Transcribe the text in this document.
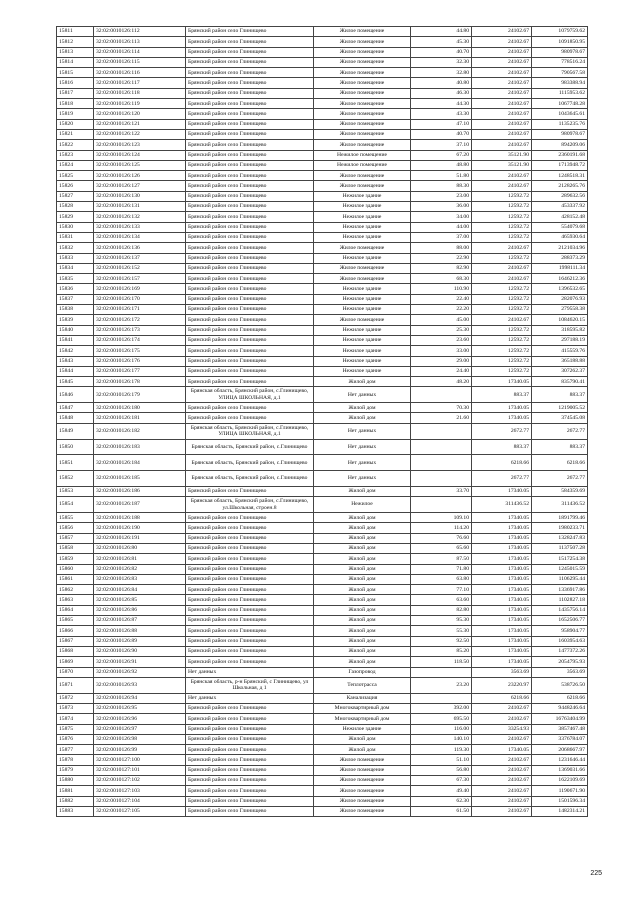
15811	32:02:0010126:112	Брянский район село Глинищево	Жилое помещение	44.80	24102.67	1079759.62
15812	32:02:0010126:113	Брянский район село Глинищево	Жилое помещение	45.30	24102.67	1091850.95
15813	32:02:0010126:114	Брянский район село Глинищево	Жилое помещение	40.70	24102.67	980978.67
15814	32:02:0010126:115	Брянский район село Глинищево	Жилое помещение	32.30	24102.67	778516.24
15815	32:02:0010126:116	Брянский район село Глинищево	Жилое помещение	32.80	24102.67	790567.58
15816	32:02:0010126:117	Брянский район село Глинищево	Жилое помещение	40.80	24102.67	983388.94
15817	32:02:0010126:118	Брянский район село Глинищево	Жилое помещение	46.30	24102.67	1115953.62
15818	32:02:0010126:119	Брянский район село Глинищево	Жилое помещение	44.30	24102.67	1067748.28
15819	32:02:0010126:120	Брянский район село Глинищево	Жилое помещение	43.30	24102.67	1043645.61
15820	32:02:0010126:121	Брянский район село Глинищево	Жилое помещение	47.10	24102.67	1135235.76
15821	32:02:0010126:122	Брянский район село Глинищево	Жилое помещение	40.70	24102.67	980978.67
15822	32:02:0010126:123	Брянский район село Глинищево	Жилое помещение	37.10	24102.67	894209.06
15823	32:02:0010126:124	Брянский район село Глинищево	Нежилое помещение	67.20	35121.90	2360191.68
15824	32:02:0010126:125	Брянский район село Глинищево	Нежилое помещение	48.80	35121.90	1713948.72
15825	32:02:0010126:126	Брянский район село Глинищево	Жилое помещение	51.80	24102.67	1248518.31
15826	32:02:0010126:127	Брянский район село Глинищево	Жилое помещение	88.30	24102.67	2128265.76
15827	32:02:0010126:130	Брянский район село Глинищево	Нежилое здание	23.00	12592.72	289632.56
15828	32:02:0010126:131	Брянский район село Глинищево	Нежилое здание	36.00	12592.72	453337.92
15829	32:02:0010126:132	Брянский район село Глинищево	Нежилое здание	34.00	12592.72	428152.48
15830	32:02:0010126:133	Брянский район село Глинищево	Нежилое здание	44.00	12592.72	554079.68
15831	32:02:0010126:134	Брянский район село Глинищево	Нежилое здание	37.00	12592.72	465930.64
15832	32:02:0010126:136	Брянский район село Глинищево	Жилое помещение	88.00	24102.67	2121034.96
15833	32:02:0010126:137	Брянский район село Глинищево	Нежилое здание	22.90	12592.72	288373.29
15834	32:02:0010126:152	Брянский район село Глинищево	Жилое помещение	82.90	24102.67	1998111.34
15835	32:02:0010126:157	Брянский район село Глинищево	Жилое помещение	68.30	24102.67	1646212.36
15836	32:02:0010126:169	Брянский район село Глинищево	Нежилое здание	110.90	12592.72	1396532.65
15837	32:02:0010126:170	Брянский район село Глинищево	Нежилое здание	22.40	12592.72	282076.93
15838	32:02:0010126:171	Брянский район село Глинищево	Нежилое здание	22.20	12592.72	279558.38
15839	32:02:0010126:172	Брянский район село Глинищево	Жилое помещение	45.00	24102.67	1084620.15
15840	32:02:0010126:173	Брянский район село Глинищево	Нежилое здание	25.30	12592.72	318595.82
15841	32:02:0010126:174	Брянский район село Глинищево	Нежилое здание	23.60	12592.72	297188.19
15842	32:02:0010126:175	Брянский район село Глинищево	Нежилое здание	33.00	12592.72	415559.76
15843	32:02:0010126:176	Брянский район село Глинищево	Нежилое здание	29.00	12592.72	365188.88
15844	32:02:0010126:177	Брянский район село Глинищево	Нежилое здание	24.40	12592.72	307262.37
15845	32:02:0010126:178	Брянский район село Глинищево	Жилой дом	48.20	17340.05	835790.41
15846	32:02:0010126:179	Брянская область, Брянский район, с.Глинищево, УЛИЦА ШКОЛЬНАЯ, д.1	Нет данных		883.37	883.37
15847	32:02:0010126:180	Брянский район село Глинищево	Жилой дом	70.30	17340.05	1219005.52
15848	32:02:0010126:181	Брянский район село Глинищево	Жилой дом	21.60	17340.05	374545.08
15849	32:02:0010126:182	Брянская область, Брянский район, с.Глинищево, УЛИЦА ШКОЛЬНАЯ, д.1	Нет данных		2672.77	2672.77
15850	32:02:0010126:183	Брянская область, Брянский район, с.Глинищево	Нет данных		883.37	883.37
15851	32:02:0010126:184	Брянская область, Брянский район, с.Глинищево	Нет данных		6218.66	6218.66
15852	32:02:0010126:185	Брянская область, Брянский район, с.Глинищево	Нет данных		2672.77	2672.77
15853	32:02:0010126:186	Брянский район село Глинищево	Жилой дом	33.70	17340.05	584359.69
15854	32:02:0010126:187	Брянская область, Брянский район, с.Глинищево, ул.Школьная, строен.8	Нежилое		311436.52	311436.52
15855	32:02:0010126:188	Брянский район село Глинищево	Жилой дом	109.10	17340.05	1891799.46
15856	32:02:0010126:190	Брянский район село Глинищево	Жилой дом	114.20	17340.05	1980233.71
15857	32:02:0010126:191	Брянский район село Глинищево	Жилой дом	76.60	17340.05	1328247.83
15858	32:02:0010126:80	Брянский район село Глинищево	Жилой дом	65.60	17340.05	1137507.28
15859	32:02:0010126:81	Брянский район село Глинищево	Жилой дом	87.50	17340.05	1517254.38
15860	32:02:0010126:82	Брянский район село Глинищево	Жилой дом	71.80	17340.05	1245015.59
15861	32:02:0010126:83	Брянский район село Глинищево	Жилой дом	63.80	17340.05	1106295.44
15862	32:02:0010126:84	Брянский район село Глинищево	Жилой дом	77.10	17340.05	1336917.86
15863	32:02:0010126:85	Брянский район село Глинищево	Жилой дом	63.60	17340.05	1102827.18
15864	32:02:0010126:86	Брянский район село Глинищево	Жилой дом	82.80	17340.05	1435756.14
15865	32:02:0010126:87	Брянский район село Глинищево	Жилой дом	95.30	17340.05	1652506.77
15866	32:02:0010126:88	Брянский район село Глинищево	Жилой дом	55.30	17340.05	958904.77
15867	32:02:0010126:89	Брянский район село Глинищево	Жилой дом	92.50	17340.05	1603954.63
15868	32:02:0010126:90	Брянский район село Глинищево	Жилой дом	85.20	17340.05	1477372.26
15869	32:02:0010126:91	Брянский район село Глинищево	Жилой дом	118.50	17340.05	2054795.93
15870	32:02:0010126:92	Нет данных	Газопровод		3563.69	3563.69
15871	32:02:0010126:93	Брянская область, р-н Брянский, с Глинищево, ул Школьная, д 1	Теплотрасса	23.20	23220.97	538726.50
15872	32:02:0010126:94	Нет данных	Канализация		6218.66	6218.66
15873	32:02:0010126:95	Брянский район село Глинищево	Многоквартирный дом	392.00	24102.67	9448246.64
15874	32:02:0010126:96	Брянский район село Глинищево	Многоквартирный дом	695.50	24102.67	16763404.99
15875	32:02:0010126:97	Брянский район село Глинищево	Нежилое здание	116.00	33254.93	3857467.48
15876	32:02:0010126:98	Брянский район село Глинищево	Жилой дом	140.10	24102.67	3376784.07
15877	32:02:0010126:99	Брянский район село Глинищево	Жилой дом	119.30	17340.05	2068667.97
15878	32:02:0010127:100	Брянский район село Глинищево	Жилое помещение	51.10	24102.67	1231646.44
15879	32:02:0010127:101	Брянский район село Глинищево	Жилое помещение	56.80	24102.67	1369031.66
15880	32:02:0010127:102	Брянский район село Глинищево	Жилое помещение	67.30	24102.67	1622109.69
15881	32:02:0010127:103	Брянский район село Глинищево	Жилое помещение	49.40	24102.67	1190671.90
15882	32:02:0010127:104	Брянский район село Глинищево	Жилое помещение	62.30	24102.67	1501596.34
15883	32:02:0010127:105	Брянский район село Глинищево	Жилое помещение	61.50	24102.67	1482314.21
225
